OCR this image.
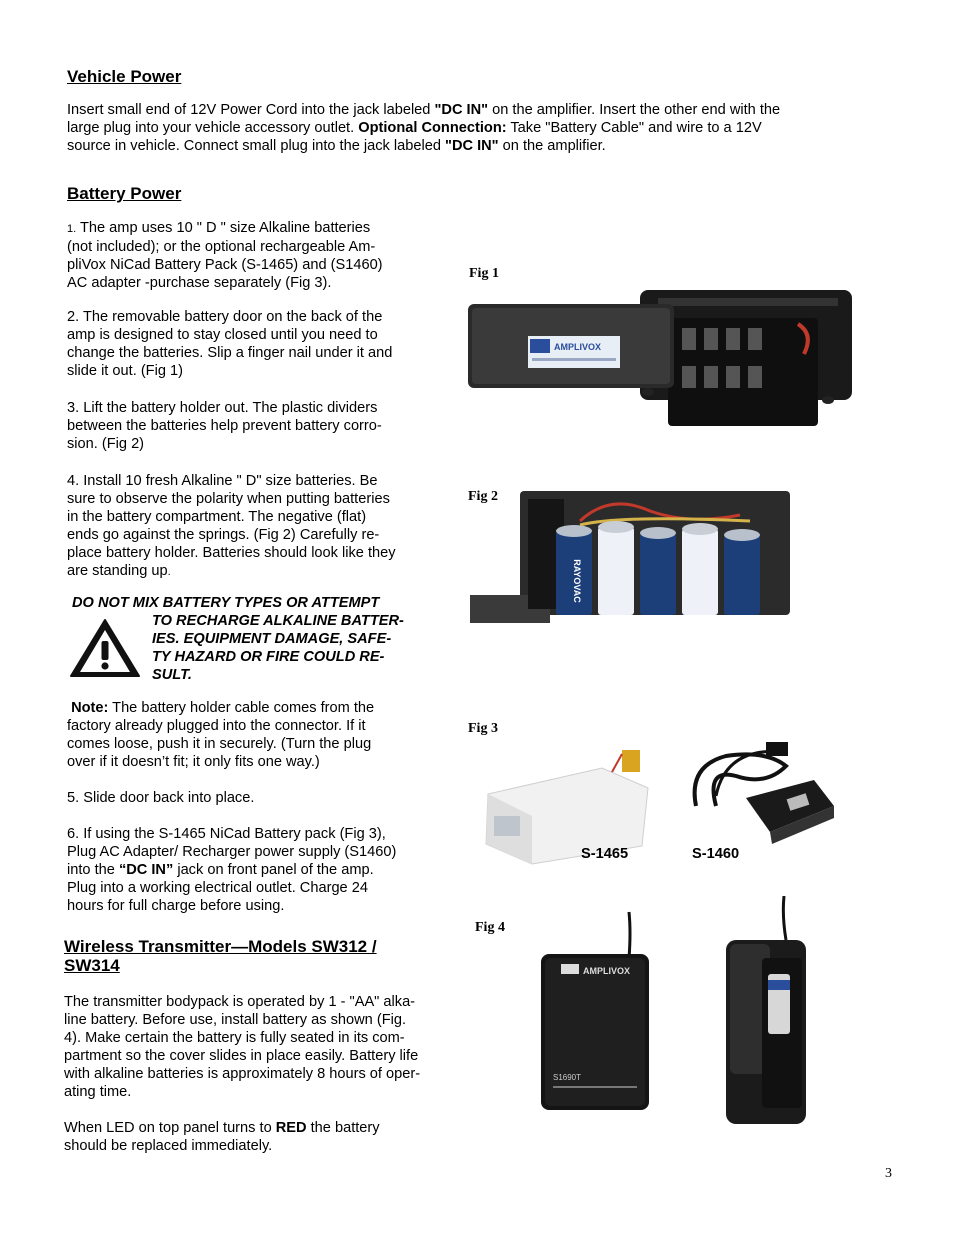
Vehicle Power

Insert small end of 12V Power Cord into the jack labeled "DC IN" on the amplifier. Insert the other end with the

large plug into your vehicle accessory outlet. Optional Connection: Take "Battery Cable" and wire to a 12V

source in vehicle. Connect small plug into the jack labeled "DC IN" on the amplifier.

Battery Power

1. The amp uses 10 " D " size Alkaline batteries

(not included); or the optional rechargeable Am-

pliVox NiCad Battery Pack (S-1465) and (S1460)

AC adapter -purchase separately (Fig 3).

2. The removable battery door on the back of the

amp is designed to stay closed until you need to

change the batteries. Slip a finger nail under it and

slide it out. (Fig 1)

3. Lift the battery holder out. The plastic dividers

between the batteries help prevent battery corro-

sion. (Fig 2)

4. Install 10 fresh Alkaline " D" size batteries. Be

sure to observe the polarity when putting batteries

in the battery compartment. The negative (flat)

ends go against the springs. (Fig 2) Carefully re-

place battery holder. Batteries should look like they

are standing up.

DO NOT MIX BATTERY TYPES OR ATTEMPT
TO RECHARGE ALKALINE BATTER-
IES. EQUIPMENT DAMAGE, SAFE-
TY HAZARD OR FIRE COULD RE-
SULT.

Note: The battery holder cable comes from the

factory already plugged into the connector. If it

comes loose, push it in securely. (Turn the plug

over if it doesn’t fit; it only fits one way.)

5. Slide door back into place.

6. If using the S-1465 NiCad Battery pack (Fig 3),

Plug AC Adapter/ Recharger power supply (S1460)

into the “DC IN” jack on front panel of the amp.

Plug into a working electrical outlet. Charge 24

hours for full charge before using.

Wireless Transmitter—Models SW312 /
SW314

The transmitter bodypack is operated by 1 - "AA" alka-

line battery. Before use, install battery as shown (Fig.

4). Make certain the battery is fully seated in its com-

partment so the cover slides in place easily. Battery life

with alkaline batteries is approximately 8 hours of oper-

ating time.

When LED on top panel turns to RED the battery

should be replaced immediately.

Fig 1
AMPLIVOX
Fig 2
RAYOVAC
Fig 3
S-1465	S-1460
Fig 4
AMPLIVOX
S1690T
3
